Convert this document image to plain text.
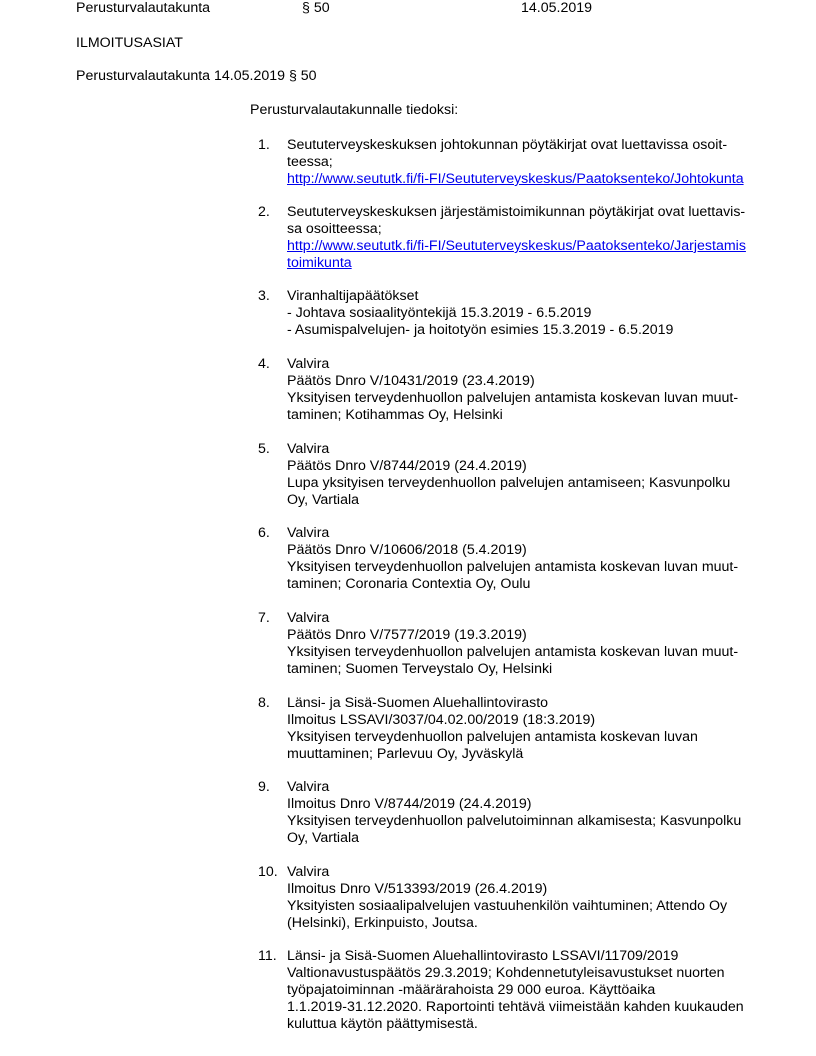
Perusturvalautakunta	§ 50	14.05.2019
ILMOITUSASIAT
Perusturvalautakunta 14.05.2019 § 50
Perusturvalautakunnalle tiedoksi:
1. Seututerveyskeskuksen johtokunnan pöytäkirjat ovat luettavissa osoit-
teessa;
http://www.seututk.fi/fi-FI/Seututerveyskeskus/Paatoksenteko/Johtokunta
2. Seututerveyskeskuksen järjestämistoimikunnan pöytäkirjat ovat luettavis-
sa osoitteessa;
http://www.seututk.fi/fi-FI/Seututerveyskeskus/Paatoksenteko/Jarjestamis
toimikunta
3. Viranhaltijapäätökset
- Johtava sosiaalityöntekijä 15.3.2019 - 6.5.2019
- Asumispalvelujen- ja hoitotyön esimies 15.3.2019 - 6.5.2019
4. Valvira
Päätös Dnro V/10431/2019 (23.4.2019)
Yksityisen terveydenhuollon palvelujen antamista koskevan luvan muut-
taminen; Kotihammas Oy, Helsinki
5. Valvira
Päätös Dnro V/8744/2019 (24.4.2019)
Lupa yksityisen terveydenhuollon palvelujen antamiseen; Kasvunpolku
Oy, Vartiala
6. Valvira
Päätös Dnro V/10606/2018 (5.4.2019)
Yksityisen terveydenhuollon palvelujen antamista koskevan luvan muut-
taminen; Coronaria Contextia Oy, Oulu
7. Valvira
Päätös Dnro V/7577/2019 (19.3.2019)
Yksityisen terveydenhuollon palvelujen antamista koskevan luvan muut-
taminen; Suomen Terveystalo Oy, Helsinki
8. Länsi- ja Sisä-Suomen Aluehallintovirasto
Ilmoitus LSSAVI/3037/04.02.00/2019 (18:3.2019)
Yksityisen terveydenhuollon palvelujen antamista koskevan luvan
muuttaminen; Parlevuu Oy, Jyväskylä
9. Valvira
Ilmoitus Dnro V/8744/2019 (24.4.2019)
Yksityisen terveydenhuollon palvelutoiminnan alkamisesta; Kasvunpolku
Oy, Vartiala
10. Valvira
Ilmoitus Dnro V/513393/2019 (26.4.2019)
Yksityisten sosiaalipalvelujen vastuuhenkilön vaihtuminen; Attendo Oy
(Helsinki), Erkinpuisto, Joutsa.
11. Länsi- ja Sisä-Suomen Aluehallintovirasto LSSAVI/11709/2019
Valtionavustuspäätös 29.3.2019; Kohdennetutyleisavustukset nuorten
työpajatoiminnan -määrärahoista 29 000 euroa. Käyttöaika
1.1.2019-31.12.2020. Raportointi tehtävä viimeistään kahden kuukauden
kuluttua käytön päättymisestä.
